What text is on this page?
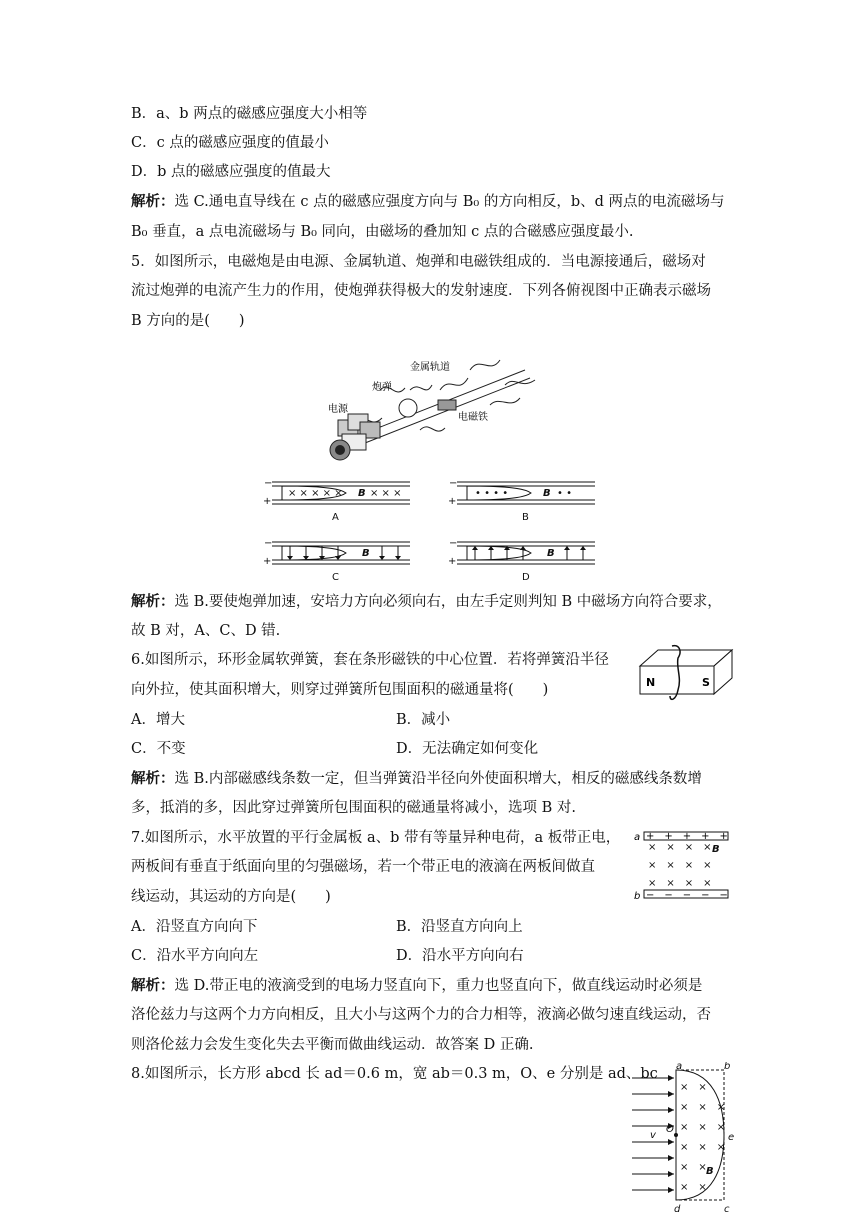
B．a、b 两点的磁感应强度大小相等
C．c 点的磁感应强度的值最小
D．b 点的磁感应强度的值最大
解析：选 C.通电直导线在 c 点的磁感应强度方向与 B₀ 的方向相反，b、d 两点的电流磁场与
B₀ 垂直，a 点电流磁场与 B₀ 同向，由磁场的叠加知 c 点的合磁感应强度最小.
5．如图所示，电磁炮是由电源、金属轨道、炮弹和电磁铁组成的．当电源接通后，磁场对
流过炮弹的电流产生力的作用，使炮弹获得极大的发射速度．下列各俯视图中正确表示磁场
B 方向的是(　　)
金属轨道
炮弹
电源
电磁铁
−
+
× × × × × B × × ×
A
−
+
• • • •	B • •
B
−
+
B
C
−
+
B
D
解析：选 B.要使炮弹加速，安培力方向必须向右，由左手定则判知 B 中磁场方向符合要求，
故 B 对，A、C、D 错.
6.如图所示，环形金属软弹簧，套在条形磁铁的中心位置．若将弹簧沿半径
向外拉，使其面积增大，则穿过弹簧所包围面积的磁通量将(　　)	N	S
A．增大	B．减小
C．不变	D．无法确定如何变化
解析：选 B.内部磁感线条数一定，但当弹簧沿半径向外使面积增大，相反的磁感线条数增
多，抵消的多，因此穿过弹簧所包围面积的磁通量将减小，选项 B 对.
7.如图所示，水平放置的平行金属板 a、b 带有等量异种电荷，a 板带正电，
两板间有垂直于纸面向里的匀强磁场，若一个带正电的液滴在两板间做直
线运动，其运动的方向是(　　)
a
b
+　+　+　+　+
−　−　−　−　−
×　×　×　× B
×　×　×　×
×　×　×　×
A．沿竖直方向向下	B．沿竖直方向向上
C．沿水平方向向左	D．沿水平方向向右
解析：选 D.带正电的液滴受到的电场力竖直向下，重力也竖直向下，做直线运动时必须是
洛伦兹力与这两个力方向相反，且大小与这两个力的合力相等，液滴必做匀速直线运动，否
则洛伦兹力会发生变化失去平衡而做曲线运动．故答案 D 正确.
8.如图所示，长方形 abcd 长 ad＝0.6 m，宽 ab＝0.3 m，O、e 分别是 ad、bc
×　×
×　×　×
×　×　×
×　×　×
×　×
×　×
a	b
c
d
O
e
v
B
